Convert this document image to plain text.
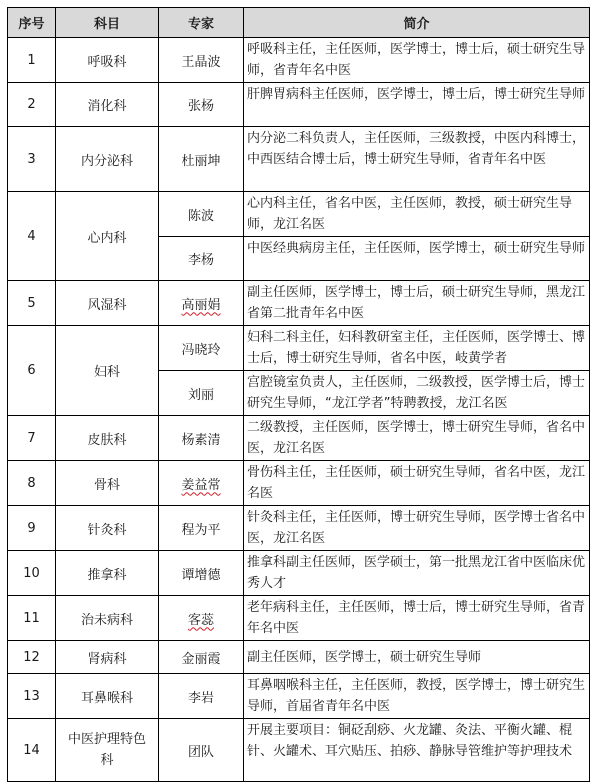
序号	科目	专家	简介
1	呼吸科	王晶波	呼吸科主任，主任医师，医学博士，博士后，硕士研究生导师，省青年名中医
2	消化科	张杨	肝脾胃病科主任医师，医学博士，博士后，博士研究生导师
3	内分泌科	杜丽坤	内分泌二科负责人，主任医师，三级教授，中医内科博士，中西医结合博士后，博士研究生导师，省青年名中医
4	心内科	陈波	心内科主任，省名中医，主任医师，教授，硕士研究生导师，龙江名医
		李杨	中医经典病房主任，主任医师，医学博士，硕士研究生导师
5	风湿科	高丽娟	副主任医师，医学博士，博士后，硕士研究生导师，黑龙江省第二批青年名中医
6	妇科	冯晓玲	妇科二科主任，妇科教研室主任，主任医师，医学博士、博士后，博士研究生导师，省名中医，岐黄学者
		刘丽	宫腔镜室负责人，主任医师，二级教授，医学博士后，博士研究生导师，“龙江学者”特聘教授，龙江名医
7	皮肤科	杨素清	二级教授，主任医师，医学博士，博士研究生导师，省名中医，龙江名医
8	骨科	姜益常	骨伤科主任，主任医师，硕士研究生导师，省名中医，龙江名医
9	针灸科	程为平	针灸科主任，主任医师，博士研究生导师，医学博士省名中医，龙江名医
10	推拿科	谭增德	推拿科副主任医师，医学硕士，第一批黑龙江省中医临床优秀人才
11	治未病科	客蕊	老年病科主任，主任医师，博士后，博士研究生导师，省青年名中医
12	肾病科	金丽霞	副主任医师，医学博士，硕士研究生导师
13	耳鼻喉科	李岩	耳鼻咽喉科主任，主任医师，教授，医学博士，博士研究生导师，首届省青年名中医
14	中医护理特色科	团队	开展主要项目：铜砭刮痧、火龙罐、灸法、平衡火罐、棍针、火罐术、耳穴贴压、拍痧、静脉导管维护等护理技术
